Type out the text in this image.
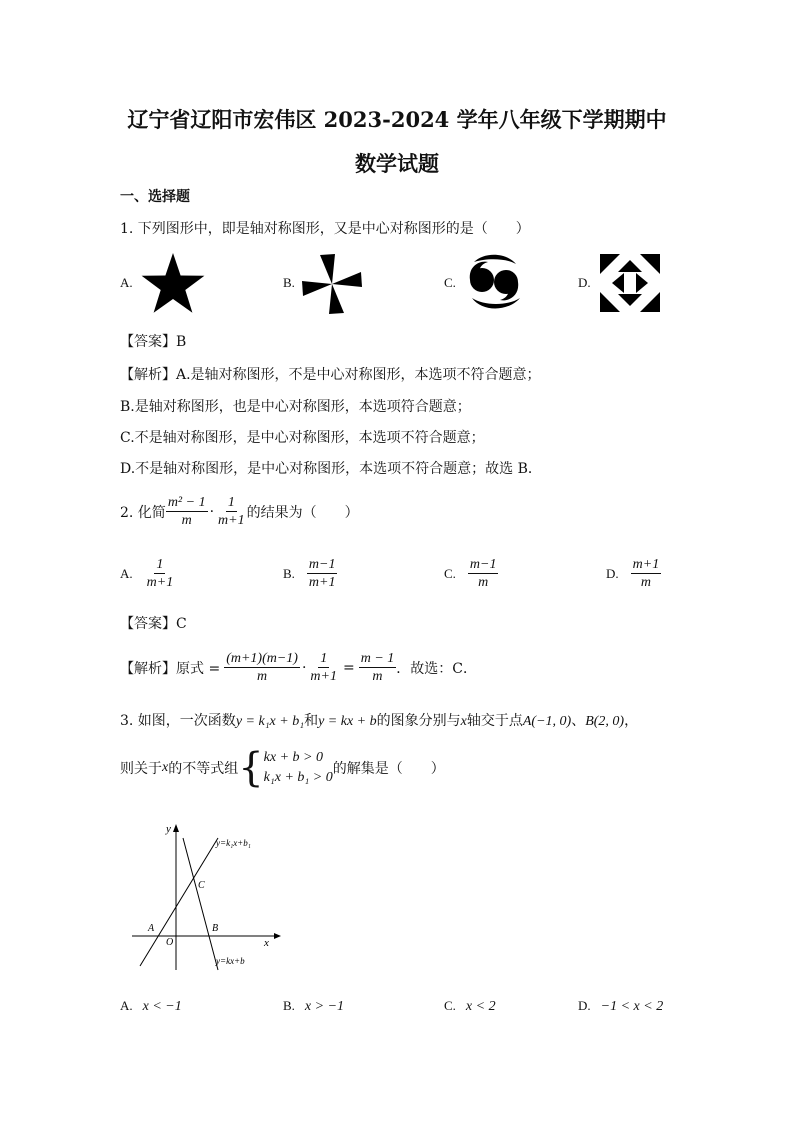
辽宁省辽阳市宏伟区 2023-2024 学年八年级下学期期中
数学试题
一、选择题
1. 下列图形中，即是轴对称图形，又是中心对称图形的是（　　）
A.	B.	C.	D.
【答案】B
【解析】A.是轴对称图形，不是中心对称图形，本选项不符合题意；
B.是轴对称图形，也是中心对称图形，本选项符合题意；
C.不是轴对称图形，是中心对称图形，本选项不符合题意；
D.不是轴对称图形，是中心对称图形，本选项不符合题意；故选 B．
2. 化简 $\frac{\text{m² − 1}}{m} \cdot \frac{1}{m+1}$ 的结果为（　　）
A. $\frac{1}{m+1}$	B. $\frac{m-1}{m+1}$	C. $\frac{m-1}{m}$	D. $\frac{m+1}{m}$
【答案】C
【解析】原式 = $\frac{(m+1)(m-1)}{m} \cdot \frac{1}{m+1} = \frac{m - 1}{m}$ ．故选：C．
3. 如图，一次函数y = k₁x + b₁和y = kx + b的图象分别与x轴交于点A(−1, 0)、B(2, 0)，
则关于 x 的不等式组 { kx + b > 0
k₁x + b₁ > 0
的解集是（　　）
y
x
O
A	B
C
y=k₁x+b₁
y=kx+b
A. x < −1	B. x > −1	C. x < 2	D. −1 < x < 2
